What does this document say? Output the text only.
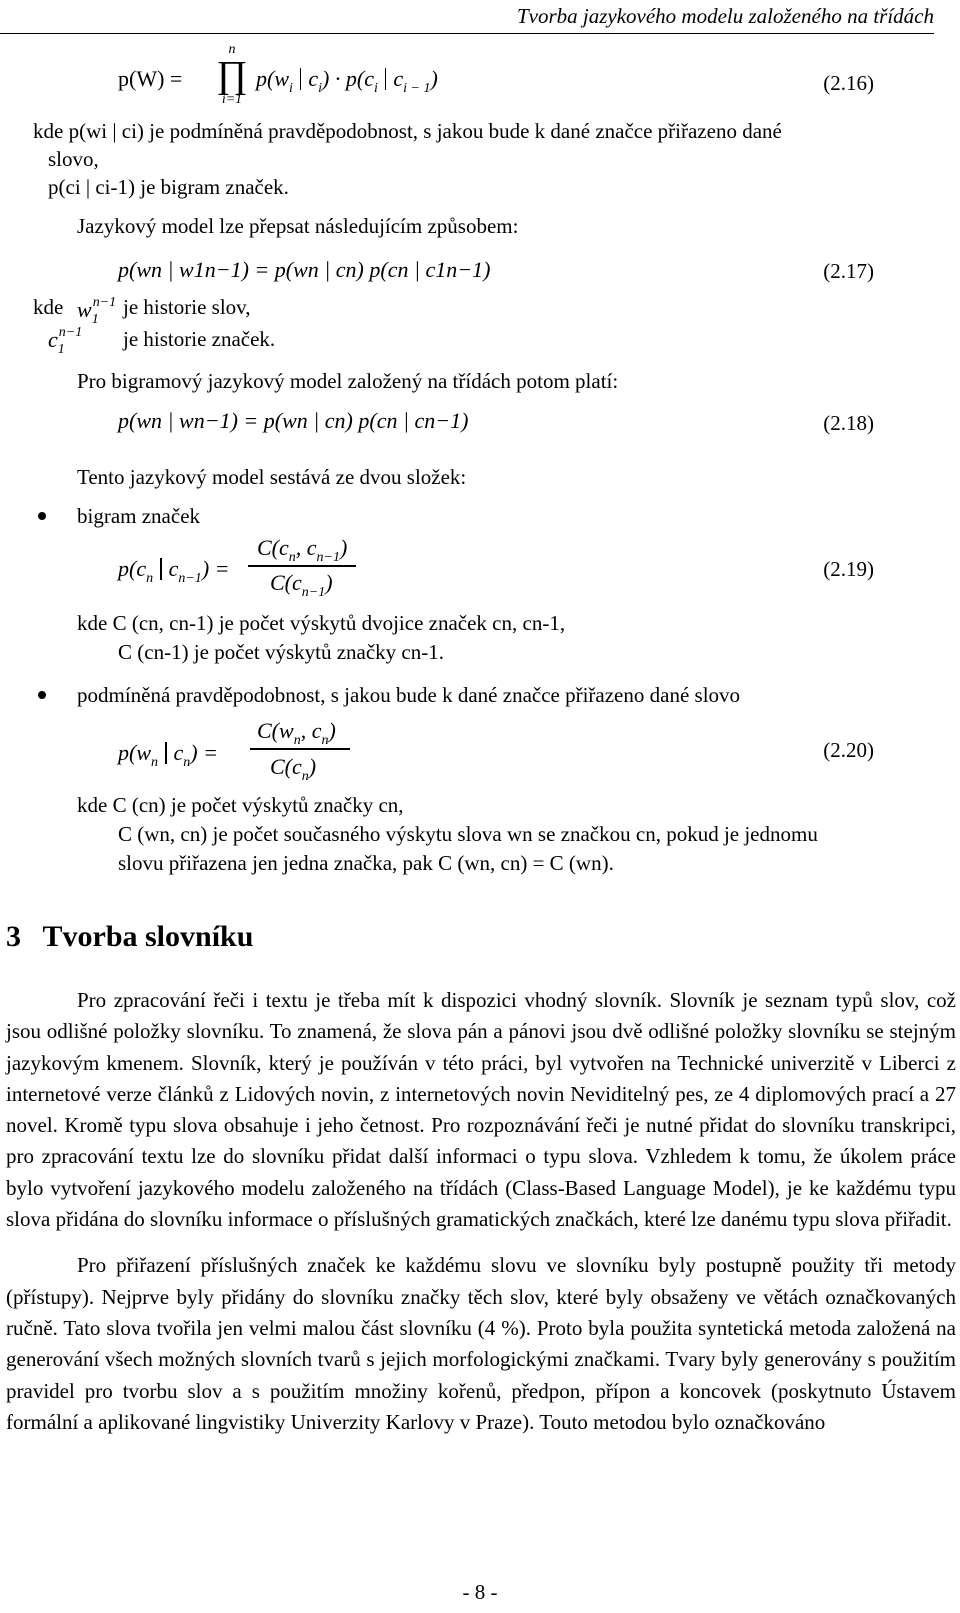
Tvorba jazykového modelu založeného na třídách
p(W) =
n
∏
i=1
$p(w_i$ $c_i) \cdot p(c_i$ $c_{i - 1}$)	(2.16)
kde p(wi | ci) je podmíněná pravděpodobnost, s jakou bude k dané značce přiřazeno dané
slovo,
p(ci | ci-1) je bigram značek.
Jazykový model lze přepsat následujícím způsobem:
p(wn | w1n−1) = p(wn | cn) p(cn | c1n−1)	(2.17)
kde $w_1^{n-1}$ je historie slov,
$c_1^{n-1}$ je historie značek.
Pro bigramový jazykový model založený na třídách potom platí:
p(wn | wn−1) = p(wn | cn) p(cn | cn−1)	(2.18)
Tento jazykový model sestává ze dvou složek:
bigram značek
$p(c_n$ $c_{n-1}$) =
$C(c_n$, $c_{n-1}$)
$C(c_{n-1})$
(2.19)
kde C (cn, cn-1) je počet výskytů dvojice značek cn, cn-1,
C (cn-1) je počet výskytů značky cn-1.
podmíněná pravděpodobnost, s jakou bude k dané značce přiřazeno dané slovo
$p(w_n$ $c_n$) =
$C(w_n$, $c_n$)
$C(c_n)$
(2.20)
kde C (cn) je počet výskytů značky cn,
C (wn, cn) je počet současného výskytu slova wn se značkou cn, pokud je jednomu
slovu přiřazena jen jedna značka, pak C (wn, cn) = C (wn).
3 Tvorba slovníku

Pro zpracování řeči i textu je třeba mít k dispozici vhodný slovník. Slovník je seznam typů slov, což jsou odlišné položky slovníku. To znamená, že slova pán a pánovi jsou dvě odlišné položky slovníku se stejným jazykovým kmenem. Slovník, který je používán v této práci, byl vytvořen na Technické univerzitě v Liberci z internetové verze článků z Lidových novin, z internetových novin Neviditelný pes, ze 4 diplomových prací a 27 novel. Kromě typu slova obsahuje i jeho četnost. Pro rozpoznávání řeči je nutné přidat do slovníku transkripci, pro zpracování textu lze do slovníku přidat další informaci o typu slova. Vzhledem k tomu, že úkolem práce bylo vytvoření jazykového modelu založeného na třídách (Class-Based Language Model), je ke každému typu slova přidána do slovníku informace o příslušných gramatických značkách, které lze danému typu slova přiřadit.

Pro přiřazení příslušných značek ke každému slovu ve slovníku byly postupně použity tři metody (přístupy). Nejprve byly přidány do slovníku značky těch slov, které byly obsaženy ve větách označkovaných ručně. Tato slova tvořila jen velmi malou část slovníku (4 %). Proto byla použita syntetická metoda založená na generování všech možných slovních tvarů s jejich morfologickými značkami. Tvary byly generovány s použitím pravidel pro tvorbu slov a s použitím množiny kořenů, předpon, přípon a koncovek (poskytnuto Ústavem formální a aplikované lingvistiky Univerzity Karlovy v Praze). Touto metodou bylo označkováno

- 8 -
